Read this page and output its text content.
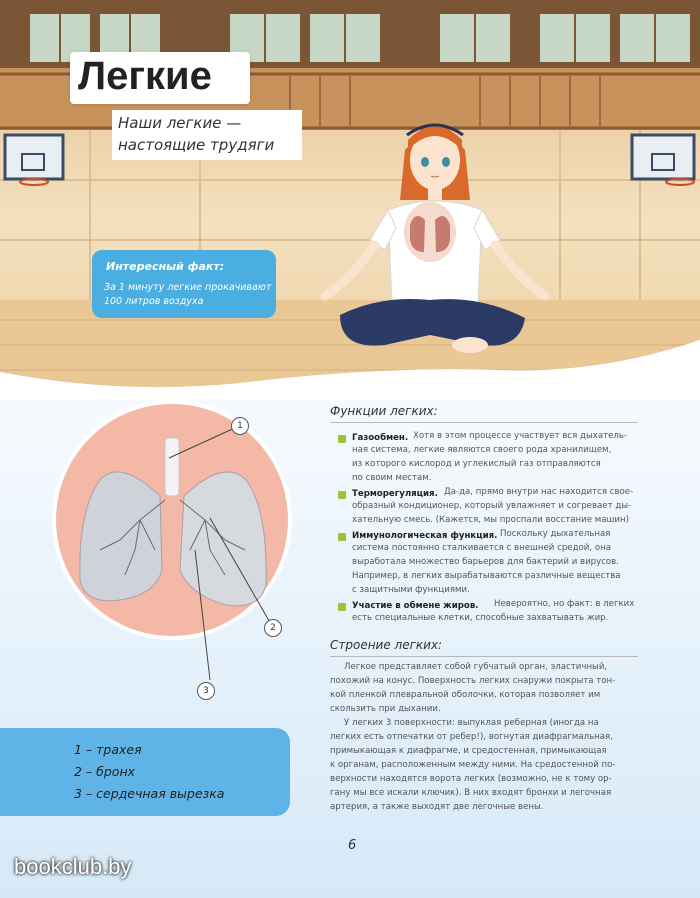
Легкие
Наши легкие —
настоящие трудяги
Интересный факт:
За 1 минуту легкие прокачивают
100 литров воздуха
1
2
3
Функции легких:
Газообмен. Хотя в этом процессе участвует вся дыхатель-
ная система, легкие являются своего рода хранилищем,
из которого кислород и углекислый газ отправляются
по своим местам.
Терморегуляция. Да-да, прямо внутри нас находится свое-
образный кондиционер, который увлажняет и согревает ды-
хательную смесь. (Кажется, мы проспали восстание машин)
Иммунологическая функция. Поскольку дыхательная
система постоянно сталкивается с внешней средой, она
выработала множество барьеров для бактерий и вирусов.
Например, в легких вырабатываются различные вещества
с защитными функциями.
Участие в обмене жиров. Невероятно, но факт: в легких
есть специальные клетки, способные захватывать жир.
Строение легких:
Легкое представляет собой губчатый орган, эластичный,
похожий на конус. Поверхность легких снаружи покрыта тон-
кой пленкой плевральной оболочки, которая позволяет им
скользить при дыхании.
У легких 3 поверхности: выпуклая реберная (иногда на
легких есть отпечатки от ребер!), вогнутая диафрагмальная,
примыкающая к диафрагме, и средостенная, примыкающая
к органам, расположенным между ними. На средостенной по-
верхности находятся ворота легких (возможно, не к тому ор-
гану мы все искали ключик). В них входят бронхи и легочная
артерия, а также выходят две легочные вены.
1 – трахея
2 – бронх
3 – сердечная вырезка
6
bookclub.by
